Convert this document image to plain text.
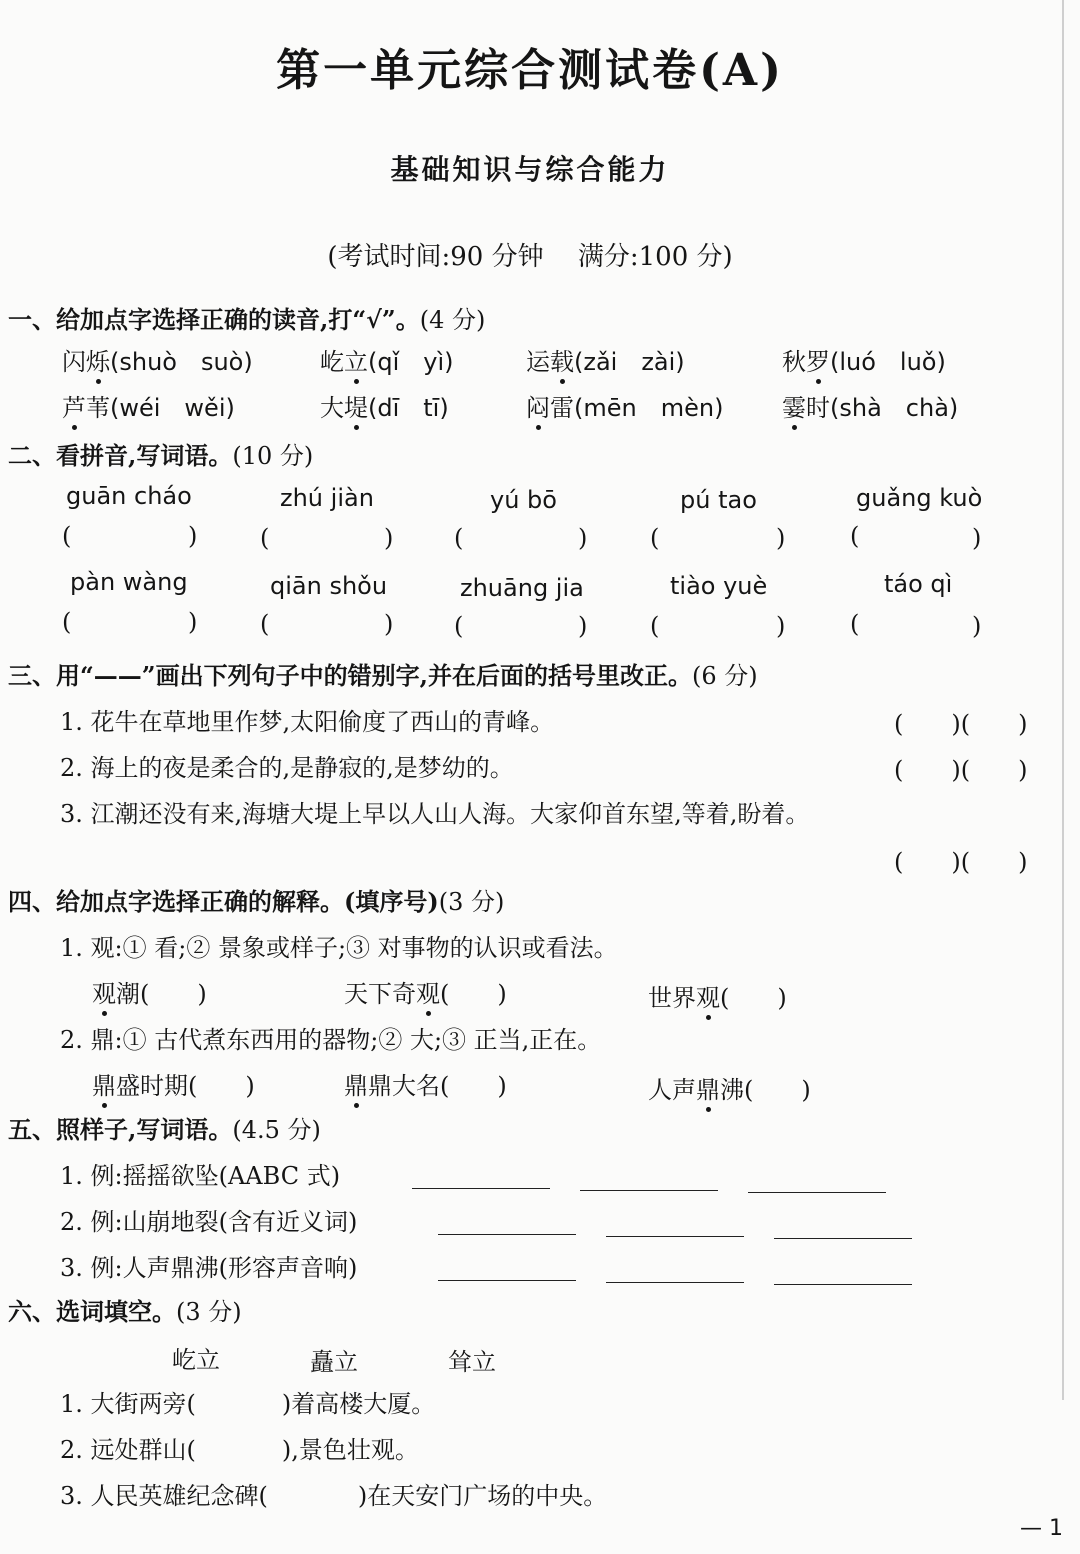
第一单元综合测试卷(A)
基础知识与综合能力
(考试时间:90 分钟　 满分:100 分)
一、给加点字选择正确的读音,打“√”。(4 分)
闪烁(shuò　suò)	屹立(qǐ　yì)	运载(zǎi　zài)	秋罗(luó　luǒ)
芦苇(wéi　wěi)	大堤(dī　tī)	闷雷(mēn　mèn) 霎时(shà　chà)
二、看拼音,写词语。(10 分)
guān cháo	zhú jiàn	yú bō	pú tao	guǎng kuò
(	)	(	)	(	)	(	)	(	)
pàn wàng	qiān shǒu	zhuāng jia	tiào yuè	táo qì
(	)	(	)	(	)	(	)	(	)
三、用“——”画出下列句子中的错别字,并在后面的括号里改正。(6 分)
1. 花牛在草地里作梦,太阳偷度了西山的青峰。	(　　)(　　)
2. 海上的夜是柔合的,是静寂的,是梦幼的。	(　　)(　　)
3. 江潮还没有来,海塘大堤上早以人山人海。大家仰首东望,等着,盼着。
(　　)(　　)
四、给加点字选择正确的解释。(填序号)(3 分)
1. 观:① 看;② 景象或样子;③ 对事物的认识或看法。
观潮(　　)	天下奇观(　　)	世界观(　　)
2. 鼎:① 古代煮东西用的器物;② 大;③ 正当,正在。
鼎盛时期(　　)	鼎鼎大名(　　)	人声鼎沸(　　)
五、照样子,写词语。(4.5 分)
1. 例:摇摇欲坠(AABC 式)
2. 例:山崩地裂(含有近义词)
3. 例:人声鼎沸(形容声音响)
六、选词填空。(3 分)
屹立	矗立	耸立
1. 大街两旁(	)着高楼大厦。
2. 远处群山(	),景色壮观。
3. 人民英雄纪念碑(	)在天安门广场的中央。
— 1
